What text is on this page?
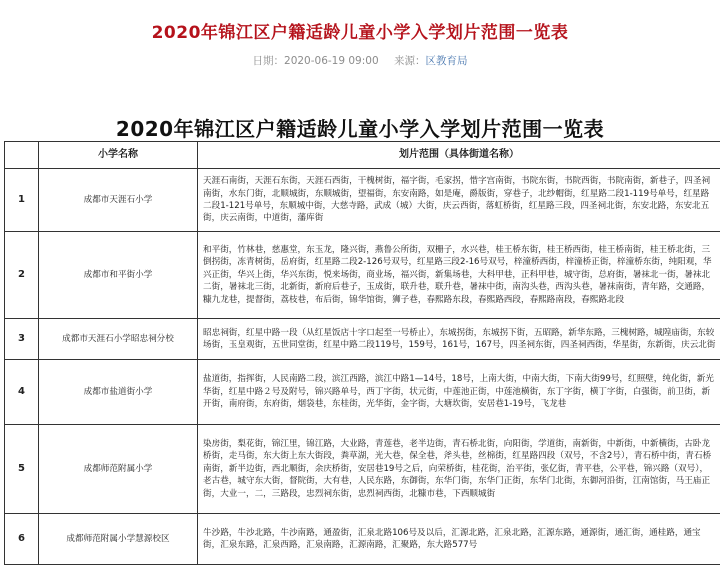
2020年锦江区户籍适龄儿童小学入学划片范围一览表
日期：2020-06-19 09:00 来源：区教育局
2020年锦江区户籍适龄儿童小学入学划片范围一览表
	小学名称	划片范围（具体街道名称）
1	成都市天涯石小学	天涯石南街，天涯石东街，天涯石西街，干槐树街，福字街，毛家拐，惜字宫南街，书院东街，书院西街，书院南街，新巷子，四圣祠南街，水东门街，北顺城街，东顺城街，望福街，东安南路，如是庵，爵版街，穿巷子，北纱帽街，红星路二段1-119号单号，红星路二段1-121号单号，东顺城中街，大慈寺路，武成（城）大街，庆云西街，落虹桥街，红星路三段，四圣祠北街，东安北路，东安北五街，庆云南街，中道街，藩库街
2	成都市和平街小学	和平街，竹林巷，慈惠堂，东玉龙，隆兴街，燕鲁公所街，双栅子，水兴巷，桂王桥东街，桂王桥西街，桂王桥南街，桂王桥北街，三倒拐街，冻青树街，岳府街，红星路二段2-126号双号，红星路三段2-16号双号，梓潼桥西街，梓潼桥正街，梓潼桥东街，纯阳观，华兴正街，华兴上街，华兴东街，悦来场街，商业场，福兴街，新集场巷，大科甲巷，正科甲巷，城守街，总府街，暑袜北一街，暑袜北二街，暑袜北三街，北新街，新府后巷子，玉成街，联升巷，联升巷，暑袜中街，南沟头巷，西沟头巷，暑袜南街，青年路，交通路，糠九龙巷，提督街，荔枝巷，布后街，锦华馆街，狮子巷，春熙路东段，春熙路西段，春熙路南段，春熙路北段
3	成都市天涯石小学昭忠祠分校	昭忠祠街，红星中路一段（从红星饭店十字口起至一号桥止），东城拐街，东城拐下街，五昭路，新华东路，三槐树路，城隍庙街，东较场街，玉皇观街，五世同堂街，红星中路二段119号，159号，161号，167号，四圣祠东街，四圣祠西街，华星街，东新街，庆云北街
4	成都市盐道街小学	盐道街，指挥街，人民南路二段，滨江西路，滨江中路1—14号，18号，上南大街，中南大街，下南大街99号，红照壁，纯化街，新光华街，红星中路２号及附号，锦兴路单号，西丁字街，状元街，中莲池正街，中莲池横街，东丁字街，横丁字街，白强街，前卫街，新开街，南府街，东府街，烟袋巷，东桂街，光华街，金字街，大塘坎街，安居巷1-19号，飞龙巷
5	成都师范附属小学	染房街，梨花街，锦江里，锦江路，大业路，青莲巷，老半边街，青石桥北街，向阳街，学道街，南新街，中新街，中新横街，古卧龙桥街，走马街，东大街上东大街段，粪草湖，光大巷，保全巷，斧头巷，丝棉街，红星路四段（双号，不含2号），青石桥中街，青石桥南街，新半边街，西北顺街，余庆桥街，安居巷19号之后，向荣桥街，桂花街，治平街，张亿街，青平巷，公平巷，锦兴路（双号），老古巷，城守东大街，督院街，大有巷，人民东路，东御街，东华门街，东华门正街，东华门北街，东御河沿街，江南馆街，马王庙正街，大业一，二，三路段，忠烈祠东街，忠烈祠西街，北糠市巷，下西顺城街
6	成都师范附属小学慧源校区	牛沙路，牛沙北路，牛沙南路，通盈街，汇泉北路106号及以后，汇源北路，汇泉北路，汇源东路，通源街，通汇街，通桂路，通宝街，汇泉东路，汇泉西路，汇泉南路，汇源南路，汇聚路，东大路577号
